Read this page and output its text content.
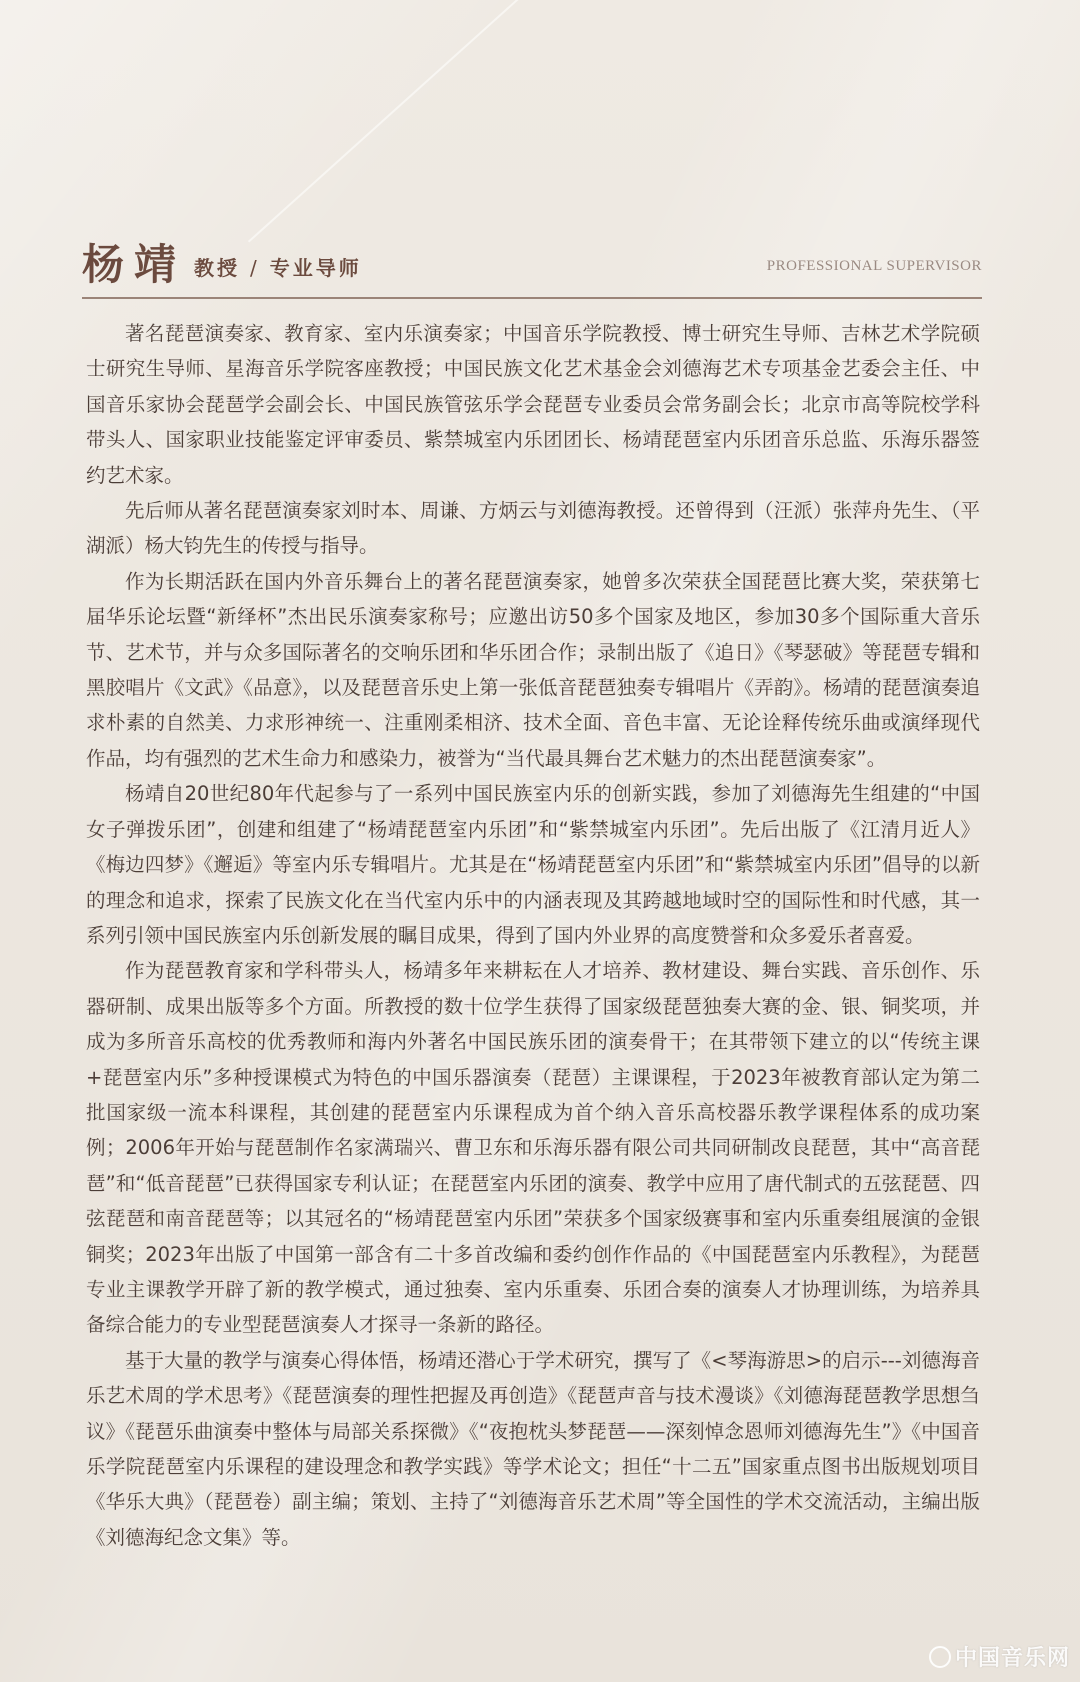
杨靖 教授 / 专业导师	PROFESSIONAL SUPERVISOR

著名琵琶演奏家、教育家、室内乐演奏家；中国音乐学院教授、博士研究生导师、吉林艺术学院硕士研究生导师、星海音乐学院客座教授；中国民族文化艺术基金会刘德海艺术专项基金艺委会主任、中国音乐家协会琵琶学会副会长、中国民族管弦乐学会琵琶专业委员会常务副会长；北京市高等院校学科带头人、国家职业技能鉴定评审委员、紫禁城室内乐团团长、杨靖琵琶室内乐团音乐总监、乐海乐器签约艺术家。

先后师从著名琵琶演奏家刘时本、周谦、方炳云与刘德海教授。还曾得到（汪派）张萍舟先生、（平湖派）杨大钧先生的传授与指导。

作为长期活跃在国内外音乐舞台上的著名琵琶演奏家，她曾多次荣获全国琵琶比赛大奖，荣获第七届华乐论坛暨“新绎杯”杰出民乐演奏家称号；应邀出访50多个国家及地区，参加30多个国际重大音乐节、艺术节，并与众多国际著名的交响乐团和华乐团合作；录制出版了《追日》《琴瑟破》等琵琶专辑和黑胶唱片《文武》《品意》，以及琵琶音乐史上第一张低音琵琶独奏专辑唱片《弄韵》。杨靖的琵琶演奏追求朴素的自然美、力求形神统一、注重刚柔相济、技术全面、音色丰富、无论诠释传统乐曲或演绎现代作品，均有强烈的艺术生命力和感染力，被誉为“当代最具舞台艺术魅力的杰出琵琶演奏家”。

杨靖自20世纪80年代起参与了一系列中国民族室内乐的创新实践，参加了刘德海先生组建的“中国女子弹拨乐团”，创建和组建了“杨靖琵琶室内乐团”和“紫禁城室内乐团”。先后出版了《江清月近人》《梅边四梦》《邂逅》等室内乐专辑唱片。尤其是在“杨靖琵琶室内乐团”和“紫禁城室内乐团”倡导的以新的理念和追求，探索了民族文化在当代室内乐中的内涵表现及其跨越地域时空的国际性和时代感，其一系列引领中国民族室内乐创新发展的瞩目成果，得到了国内外业界的高度赞誉和众多爱乐者喜爱。

作为琵琶教育家和学科带头人，杨靖多年来耕耘在人才培养、教材建设、舞台实践、音乐创作、乐器研制、成果出版等多个方面。所教授的数十位学生获得了国家级琵琶独奏大赛的金、银、铜奖项，并成为多所音乐高校的优秀教师和海内外著名中国民族乐团的演奏骨干；在其带领下建立的以“传统主课+琵琶室内乐”多种授课模式为特色的中国乐器演奏（琵琶）主课课程，于2023年被教育部认定为第二批国家级一流本科课程，其创建的琵琶室内乐课程成为首个纳入音乐高校器乐教学课程体系的成功案例；2006年开始与琵琶制作名家满瑞兴、曹卫东和乐海乐器有限公司共同研制改良琵琶，其中“高音琵琶”和“低音琵琶”已获得国家专利认证；在琵琶室内乐团的演奏、教学中应用了唐代制式的五弦琵琶、四弦琵琶和南音琵琶等；以其冠名的“杨靖琵琶室内乐团”荣获多个国家级赛事和室内乐重奏组展演的金银铜奖；2023年出版了中国第一部含有二十多首改编和委约创作作品的《中国琵琶室内乐教程》，为琵琶专业主课教学开辟了新的教学模式，通过独奏、室内乐重奏、乐团合奏的演奏人才协理训练，为培养具备综合能力的专业型琵琶演奏人才探寻一条新的路径。

基于大量的教学与演奏心得体悟，杨靖还潜心于学术研究，撰写了《<琴海游思>的启示---刘德海音乐艺术周的学术思考》《琵琶演奏的理性把握及再创造》《琵琶声音与技术漫谈》《刘德海琵琶教学思想刍议》《琵琶乐曲演奏中整体与局部关系探微》《“夜抱枕头梦琵琶——深刻悼念恩师刘德海先生”》《中国音乐学院琵琶室内乐课程的建设理念和教学实践》等学术论文；担任“十二五”国家重点图书出版规划项目《华乐大典》（琵琶卷）副主编；策划、主持了“刘德海音乐艺术周”等全国性的学术交流活动，主编出版《刘德海纪念文集》等。

中国音乐网
